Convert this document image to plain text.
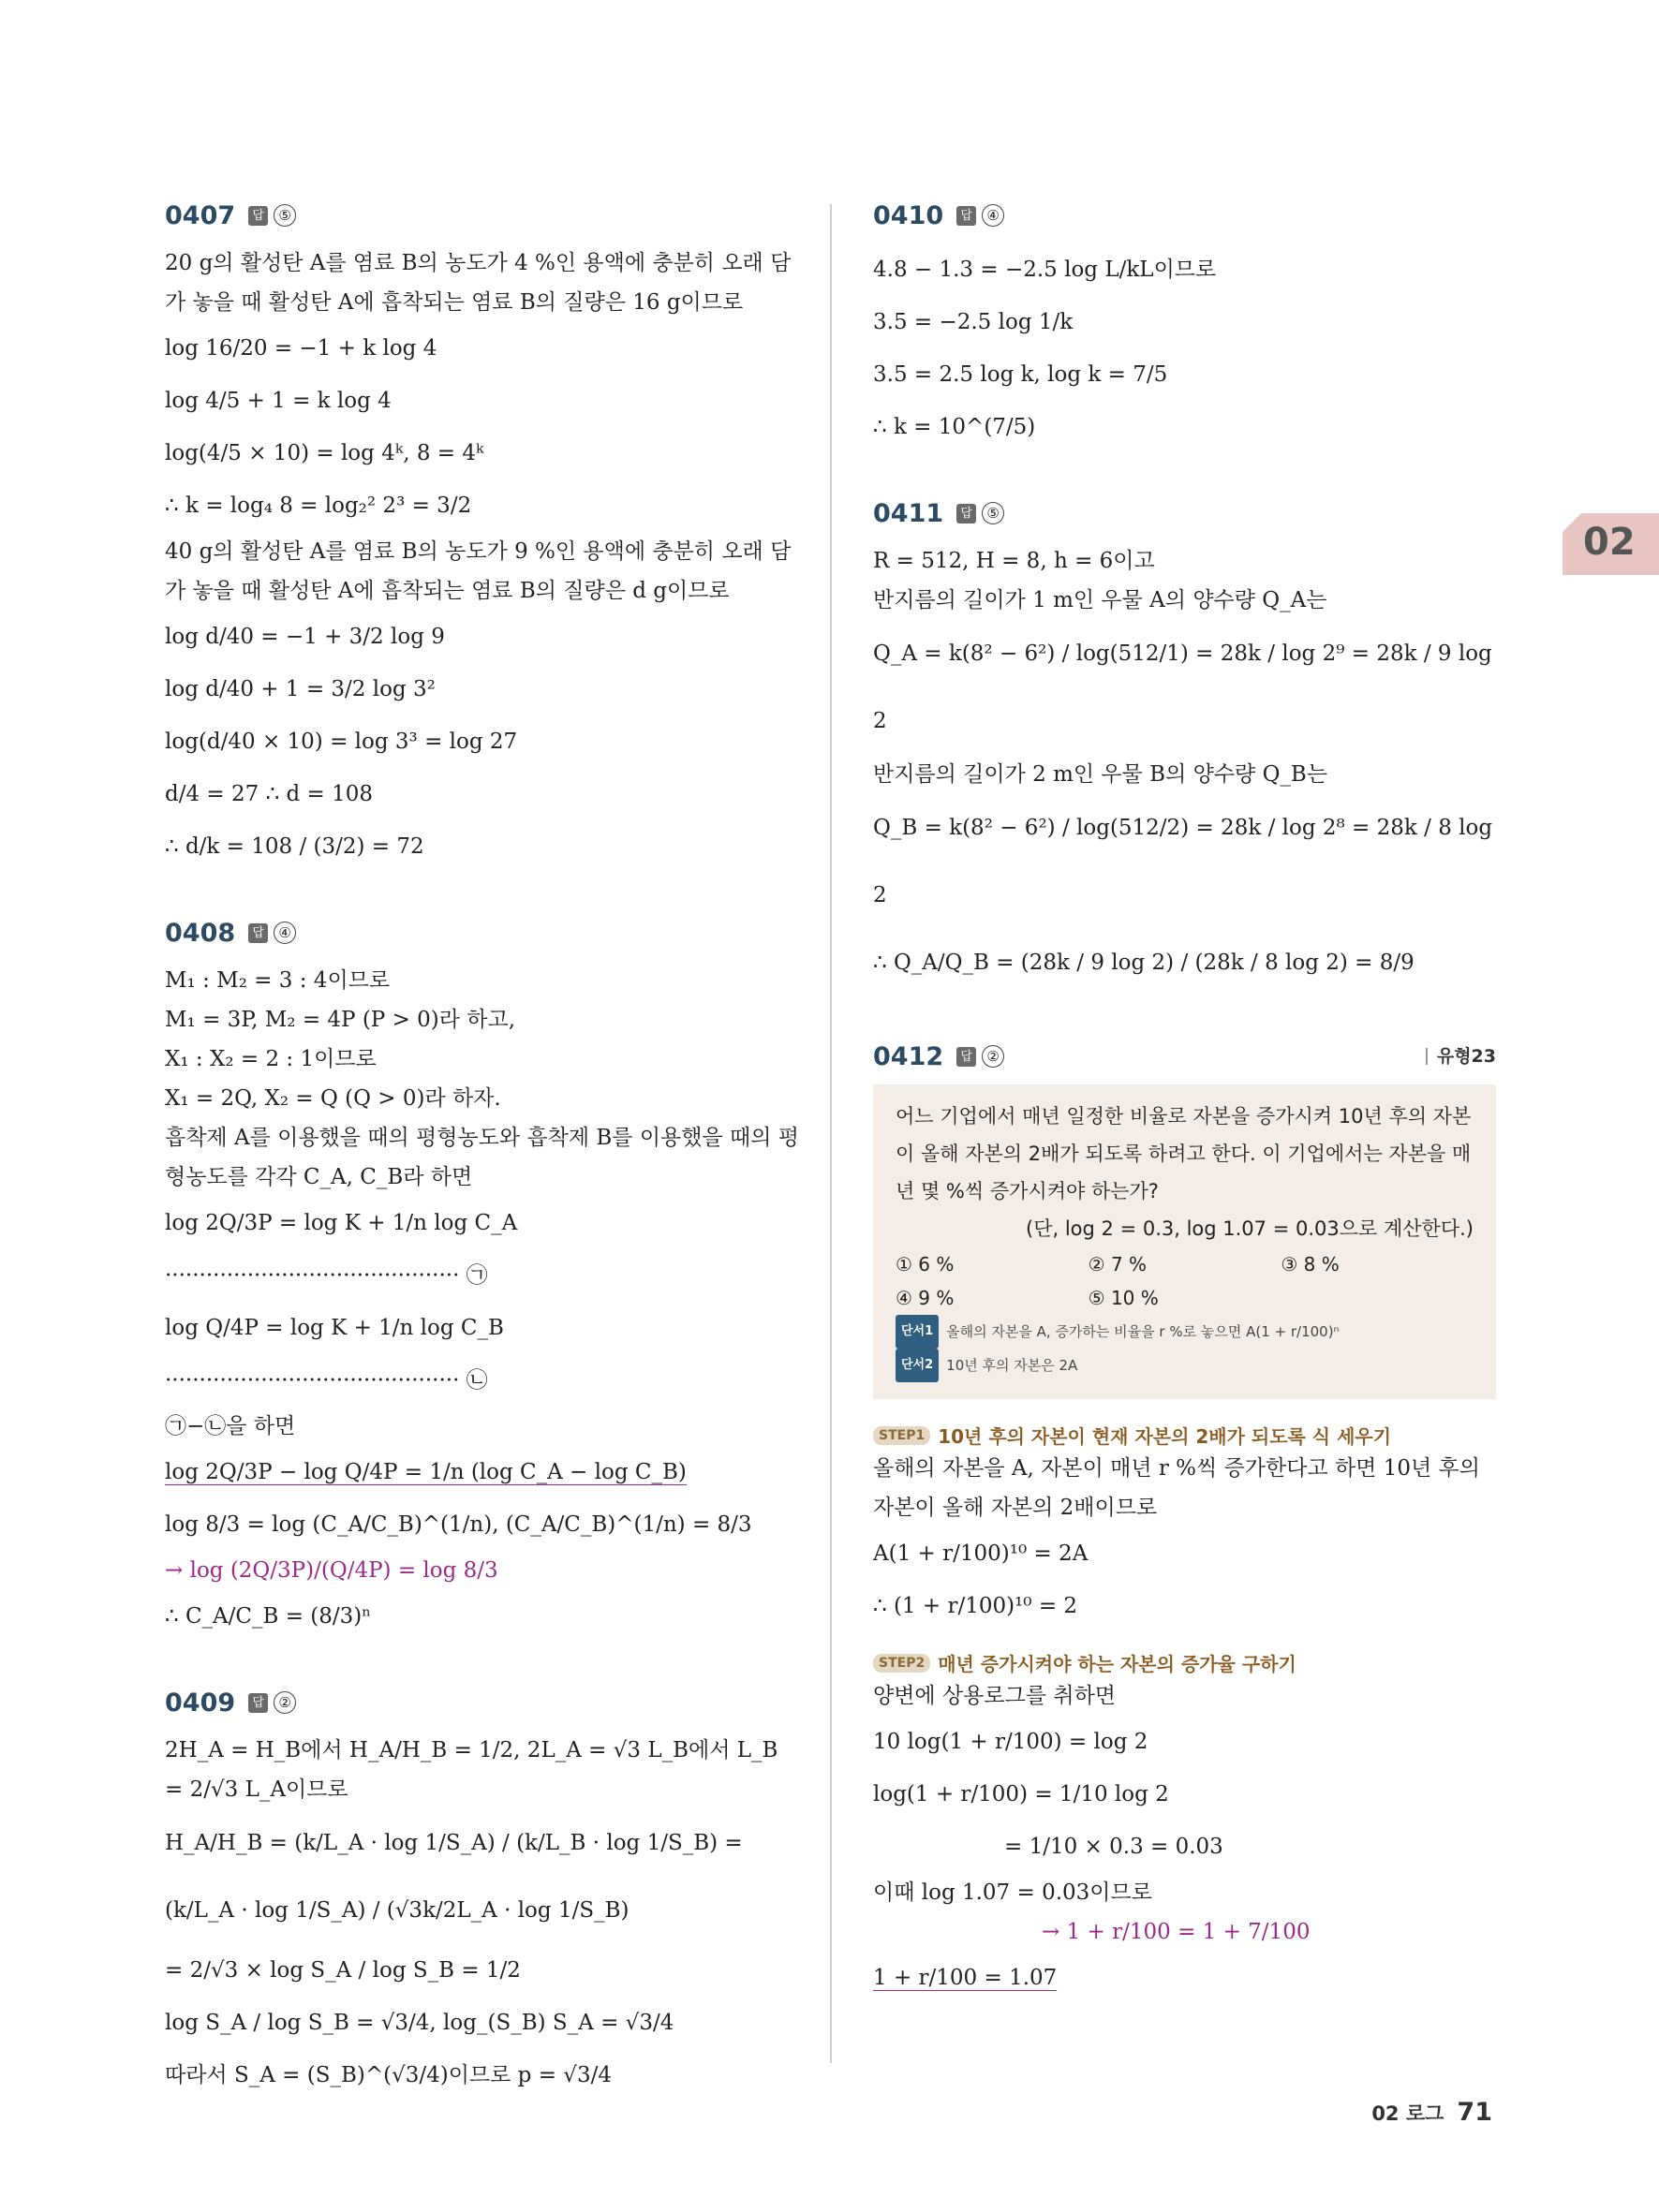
0407	답	⑤

20 g의 활성탄 A를 염료 B의 농도가 4 %인 용액에 충분히 오래 담가 놓을 때 활성탄 A에 흡착되는 염료 B의 질량은 16 g이므로

log 16/20 = −1 + k log 4

log 4/5 + 1 = k log 4

log(4/5 × 10) = log 4ᵏ, 8 = 4ᵏ

∴ k = log₄ 8 = log₂² 2³ = 3/2

40 g의 활성탄 A를 염료 B의 농도가 9 %인 용액에 충분히 오래 담가 놓을 때 활성탄 A에 흡착되는 염료 B의 질량은 d g이므로

log d/40 = −1 + 3/2 log 9

log d/40 + 1 = 3/2 log 3²

log(d/40 × 10) = log 3³ = log 27

d/4 = 27 ∴ d = 108

∴ d/k = 108 / (3/2) = 72

0408	답	④

M₁ : M₂ = 3 : 4이므로

M₁ = 3P, M₂ = 4P (P > 0)라 하고,

X₁ : X₂ = 2 : 1이므로

X₁ = 2Q, X₂ = Q (Q > 0)라 하자.

흡착제 A를 이용했을 때의 평형농도와 흡착제 B를 이용했을 때의 평형농도를 각각 C_A, C_B라 하면

log 2Q/3P = log K + 1/n log C_A ··········································· ㉠

log Q/4P = log K + 1/n log C_B ··········································· ㉡

㉠−㉡을 하면

log 2Q/3P − log Q/4P = 1/n (log C_A − log C_B)

log 8/3 = log (C_A/C_B)^(1/n), (C_A/C_B)^(1/n) = 8/3

→ log (2Q/3P)/(Q/4P) = log 8/3

∴ C_A/C_B = (8/3)ⁿ

0409	답	②

2H_A = H_B에서 H_A/H_B = 1/2, 2L_A = √3 L_B에서 L_B = 2/√3 L_A이므로

H_A/H_B = (k/L_A · log 1/S_A) / (k/L_B · log 1/S_B) = (k/L_A · log 1/S_A) / (√3k/2L_A · log 1/S_B)

= 2/√3 × log S_A / log S_B = 1/2

log S_A / log S_B = √3/4, log_(S_B) S_A = √3/4

따라서 S_A = (S_B)^(√3/4)이므로 p = √3/4

0410	답	④

4.8 − 1.3 = −2.5 log L/kL이므로

3.5 = −2.5 log 1/k

3.5 = 2.5 log k, log k = 7/5

∴ k = 10^(7/5)

0411	답	⑤

R = 512, H = 8, h = 6이고

반지름의 길이가 1 m인 우물 A의 양수량 Q_A는

Q_A = k(8² − 6²) / log(512/1) = 28k / log 2⁹ = 28k / 9 log 2

반지름의 길이가 2 m인 우물 B의 양수량 Q_B는

Q_B = k(8² − 6²) / log(512/2) = 28k / log 2⁸ = 28k / 8 log 2

∴ Q_A/Q_B = (28k / 9 log 2) / (28k / 8 log 2) = 8/9

0412	답	②	유형23

어느 기업에서 매년 일정한 비율로 자본을 증가시켜 10년 후의 자본이 올해 자본의 2배가 되도록 하려고 한다. 이 기업에서는 자본을 매년 몇 %씩 증가시켜야 하는가?

(단, log 2 = 0.3, log 1.07 = 0.03으로 계산한다.)

① 6 %	② 7 %	③ 8 %
④ 9 %	⑤ 10 %
단서1 올해의 자본을 A, 증가하는 비율을 r %로 놓으면 A(1 + r/100)ⁿ
단서2 10년 후의 자본은 2A
STEP1 10년 후의 자본이 현재 자본의 2배가 되도록 식 세우기

올해의 자본을 A, 자본이 매년 r %씩 증가한다고 하면 10년 후의 자본이 올해 자본의 2배이므로

A(1 + r/100)¹⁰ = 2A

∴ (1 + r/100)¹⁰ = 2

STEP2 매년 증가시켜야 하는 자본의 증가율 구하기

양변에 상용로그를 취하면

10 log(1 + r/100) = log 2

log(1 + r/100) = 1/10 log 2

= 1/10 × 0.3 = 0.03

이때 log 1.07 = 0.03이므로

→ 1 + r/100 = 1 + 7/100

1 + r/100 = 1.07

02
02 로그 71
